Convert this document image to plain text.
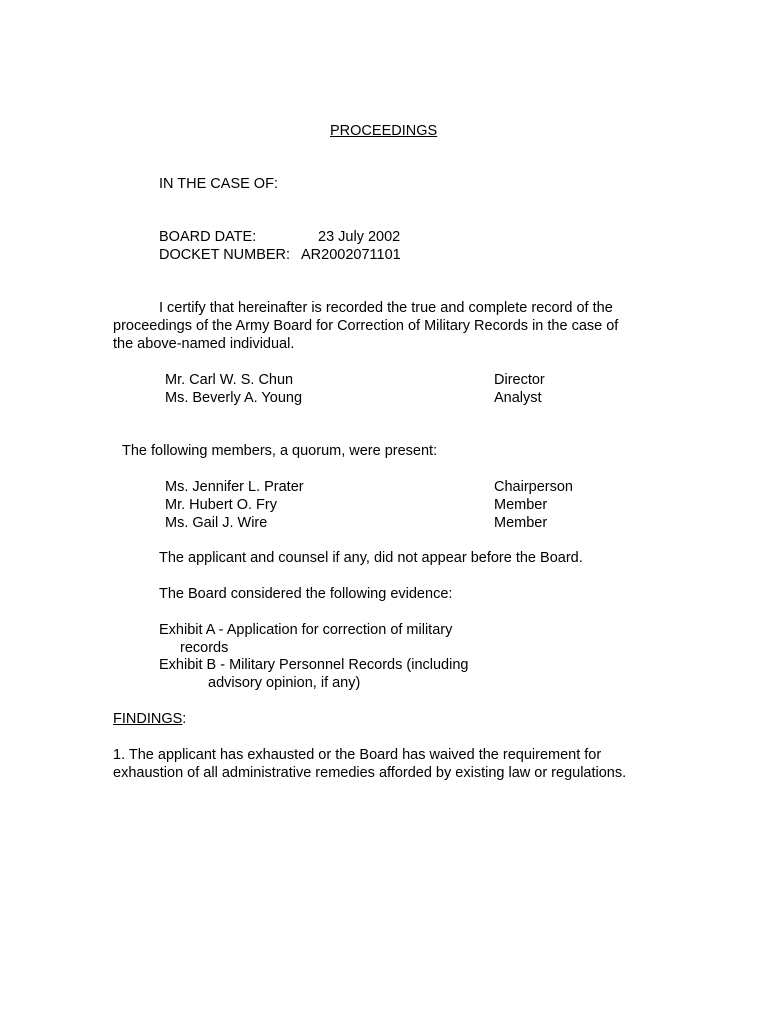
PROCEEDINGS
IN THE CASE OF:
BOARD DATE:	23 July 2002
DOCKET NUMBER: AR2002071101
I certify that hereinafter is recorded the true and complete record of the
proceedings of the Army Board for Correction of Military Records in the case of
the above-named individual.
Mr. Carl W. S. Chun	Director
Ms. Beverly A. Young	Analyst
The following members, a quorum, were present:
Ms. Jennifer L. Prater	Chairperson
Mr. Hubert O. Fry	Member
Ms. Gail J. Wire	Member
The applicant and counsel if any, did not appear before the Board.
The Board considered the following evidence:
Exhibit A - Application for correction of military
records
Exhibit B - Military Personnel Records (including
advisory opinion, if any)
FINDINGS:
1. The applicant has exhausted or the Board has waived the requirement for
exhaustion of all administrative remedies afforded by existing law or regulations.
